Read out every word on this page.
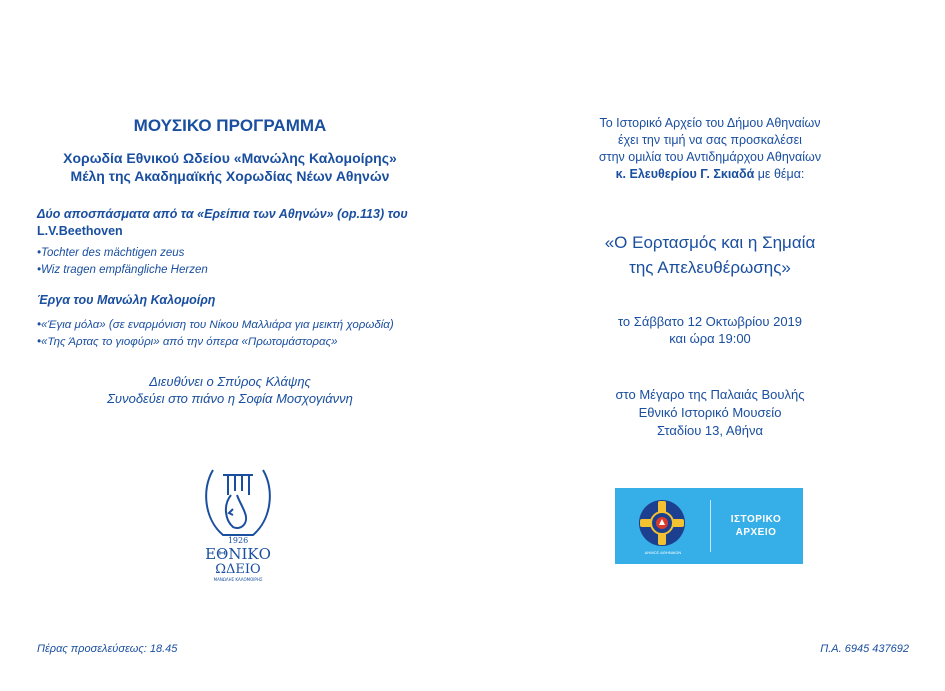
ΜΟΥΣΙΚΟ ΠΡΟΓΡΑΜΜΑ
Χορωδία Εθνικού Ωδείου «Μανώλης Καλομοίρης»
Μέλη της Ακαδημαϊκής Χορωδίας Νέων Αθηνών
Δύο αποσπάσματα από τα «Ερείπια των Αθηνών» (op.113) του
L.V.Beethoven
•Tochter des mächtigen zeus
•Wiz tragen empfängliche Herzen
Έργα του Μανώλη Καλομοίρη
•«Έγια μόλα» (σε εναρμόνιση του Νίκου Μαλλιάρα για μεικτή χορωδία)
•«Της Άρτας το γιοφύρι» από την όπερα «Πρωτομάστορας»
Διευθύνει ο Σπύρος Κλάψης
Συνοδεύει στο πιάνο η Σοφία Μοσχογιάννη
1926
ΕΘΝΙΚΟ
ΩΔΕΙΟ
ΜΑΝΩΛΗΣ ΚΑΛΟΜΟΙΡΗΣ
Πέρας προσελεύσεως: 18.45
Το Ιστορικό Αρχείο του Δήμου Αθηναίων
έχει την τιμή να σας προσκαλέσει
στην ομιλία του Αντιδημάρχου Αθηναίων
κ. Ελευθερίου Γ. Σκιαδά με θέμα:
«Ο Εορτασμός και η Σημαία
της Απελευθέρωσης»
το Σάββατο 12 Οκτωβρίου 2019
και ώρα 19:00
στο Μέγαρο της Παλαιάς Βουλής
Εθνικό Ιστορικό Μουσείο
Σταδίου 13, Αθήνα
ΔΗΜΟΣ ΑΘΗΝΑΙΩΝ
ΙΣΤΟΡΙΚΟ
ΑΡΧΕΙΟ
Π.Α. 6945 437692
